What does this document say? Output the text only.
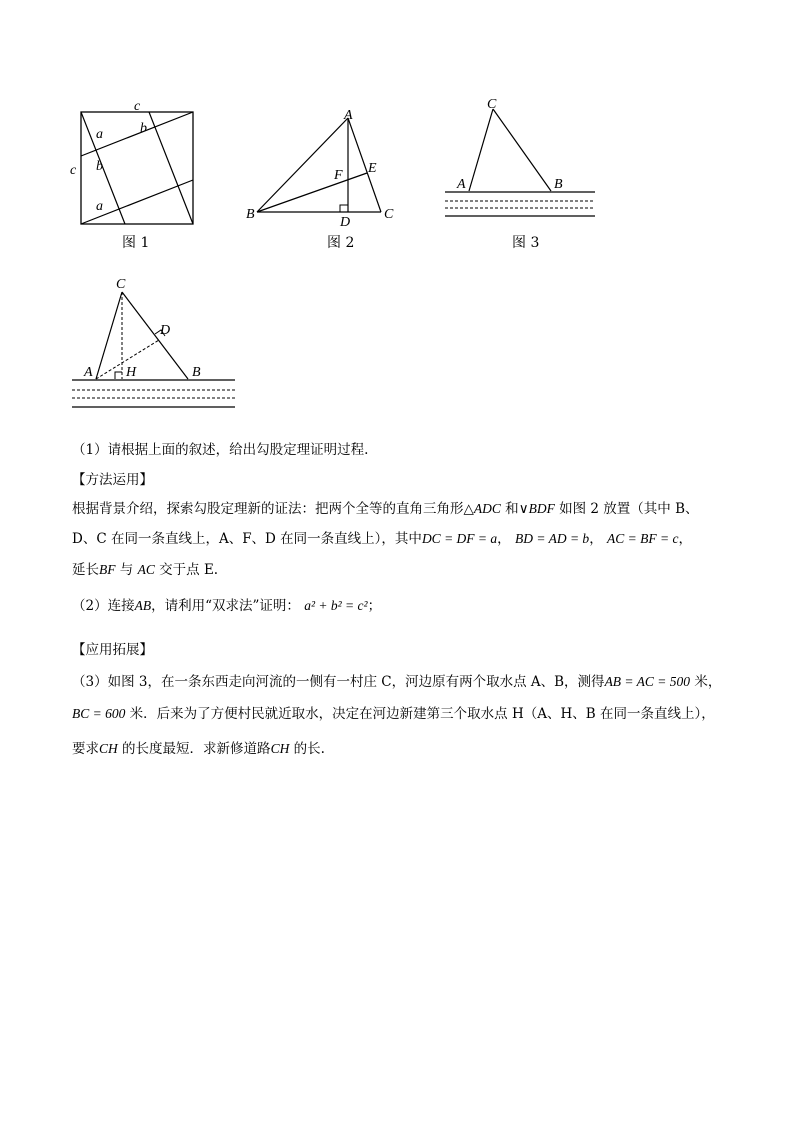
c
c
a	b
b
a
图 1
A
B	C
D
E
F
图 2
C
A	B
图 3
C
A H	B
D
（1）请根据上面的叙述，给出勾股定理证明过程.
【方法运用】
根据背景介绍，探索勾股定理新的证法：把两个全等的直角三角形△ADC 和∨BDF 如图 2 放置（其中 B、
D、C 在同一条直线上，A、F、D 在同一条直线上），其中DC = DF = a， BD = AD = b， AC = BF = c，
延长BF 与 AC 交于点 E.
（2）连接AB，请利用“双求法”证明： a² + b² = c²；
【应用拓展】
（3）如图 3，在一条东西走向河流的一侧有一村庄 C，河边原有两个取水点 A、B，测得AB = AC = 500 米，
BC = 600 米．后来为了方便村民就近取水，决定在河边新建第三个取水点 H（A、H、B 在同一条直线上），
要求CH 的长度最短．求新修道路CH 的长.
